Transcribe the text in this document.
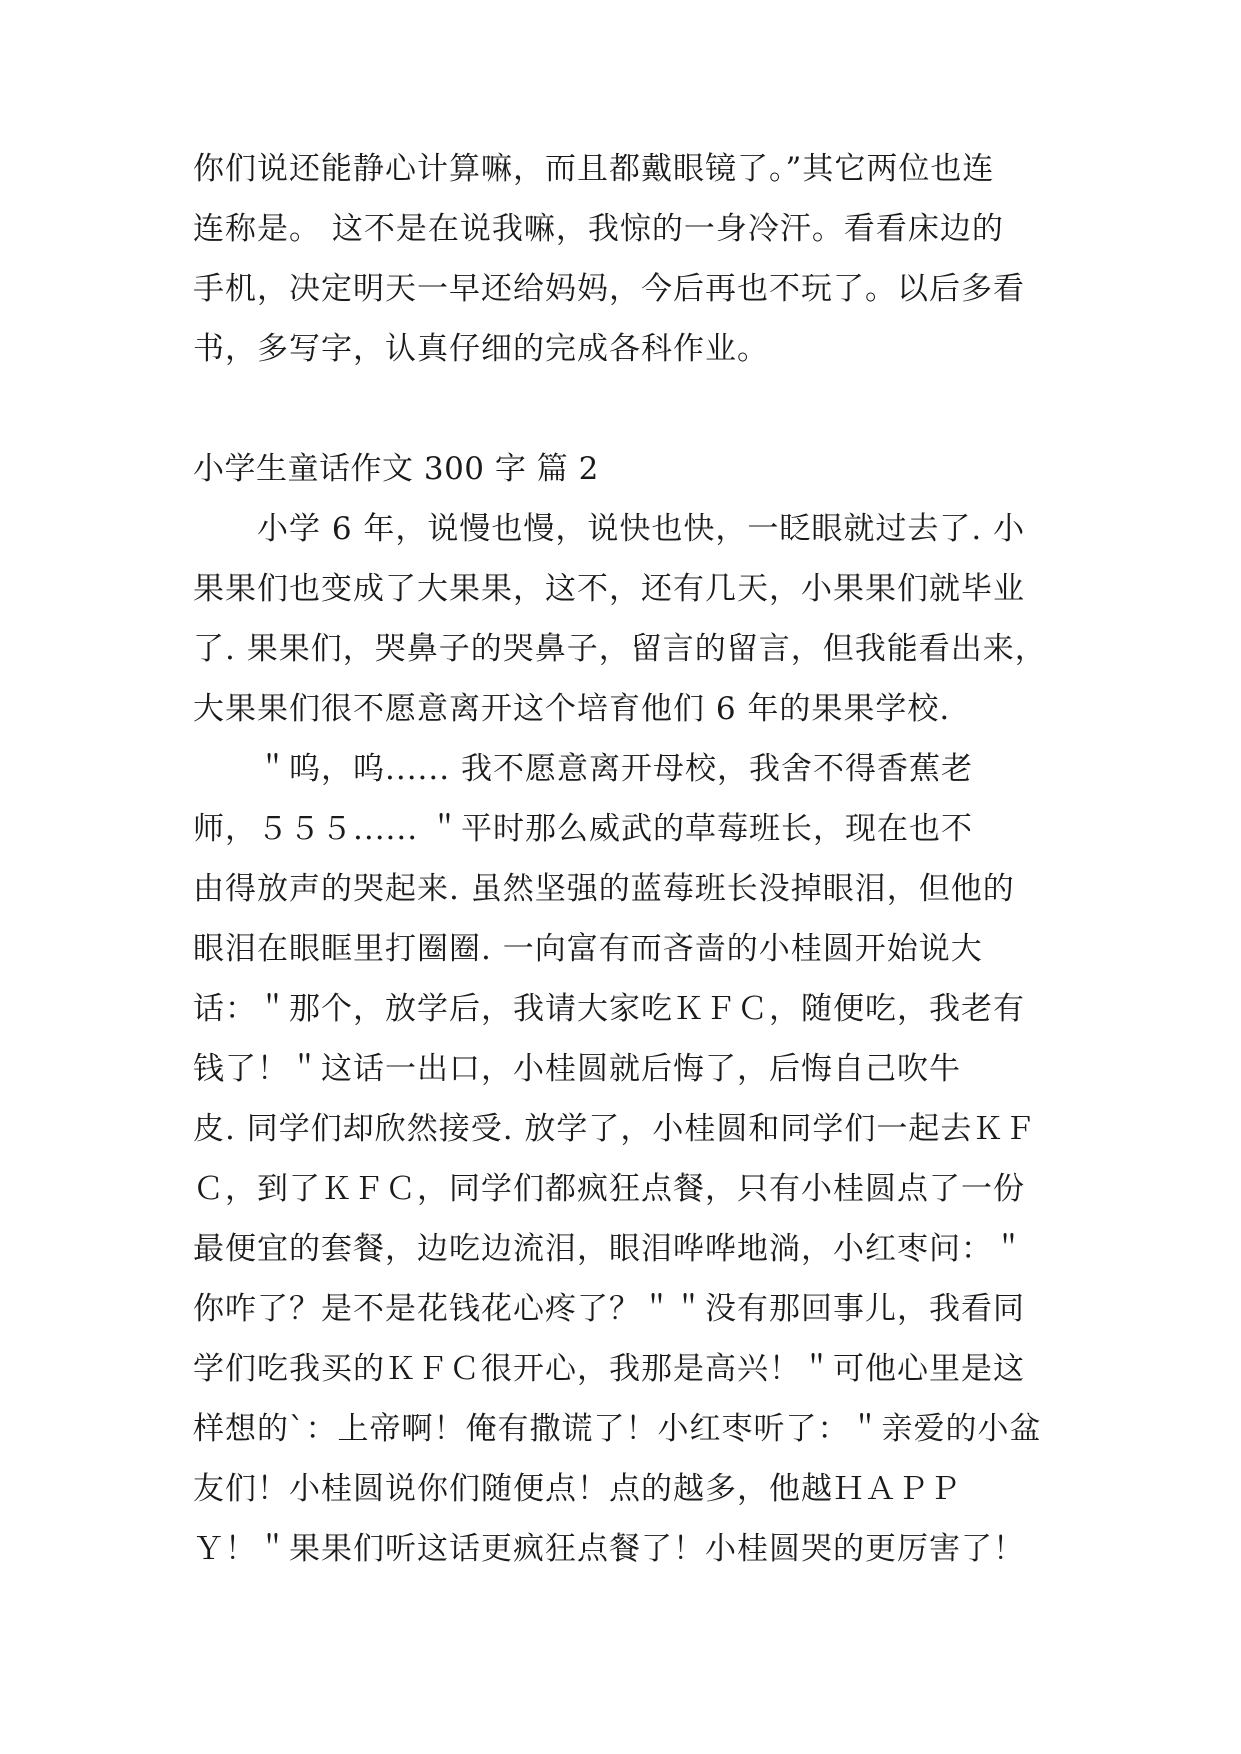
你们说还能静心计算嘛，而且都戴眼镜了。”其它两位也连
连称是。 这不是在说我嘛，我惊的一身冷汗。看看床边的
手机，决定明天一早还给妈妈，今后再也不玩了。以后多看
书，多写字，认真仔细的完成各科作业。
小学生童话作文 300 字 篇 2
　　小学 6 年，说慢也慢，说快也快，一眨眼就过去了. 小
果果们也变成了大果果，这不，还有几天，小果果们就毕业
了. 果果们，哭鼻子的哭鼻子，留言的留言，但我能看出来，
大果果们很不愿意离开这个培育他们 6 年的果果学校.
　　＂呜，呜...... 我不愿意离开母校，我舍不得香蕉老
师，５５５...... ＂平时那么威武的草莓班长，现在也不
由得放声的哭起来. 虽然坚强的蓝莓班长没掉眼泪，但他的
眼泪在眼眶里打圈圈. 一向富有而吝啬的小桂圆开始说大
话：＂那个，放学后，我请大家吃ＫＦＣ，随便吃，我老有
钱了！＂这话一出口，小桂圆就后悔了，后悔自己吹牛
皮. 同学们却欣然接受. 放学了，小桂圆和同学们一起去ＫＦ
Ｃ，到了ＫＦＣ，同学们都疯狂点餐，只有小桂圆点了一份
最便宜的套餐，边吃边流泪，眼泪哗哗地淌，小红枣问：＂
你咋了？是不是花钱花心疼了？＂＂没有那回事儿，我看同
学们吃我买的ＫＦＣ很开心，我那是高兴！＂可他心里是这
样想的`：上帝啊！俺有撒谎了！小红枣听了：＂亲爱的小盆
友们！小桂圆说你们随便点！点的越多，他越ＨＡＰＰ
Ｙ！＂果果们听这话更疯狂点餐了！小桂圆哭的更厉害了！
